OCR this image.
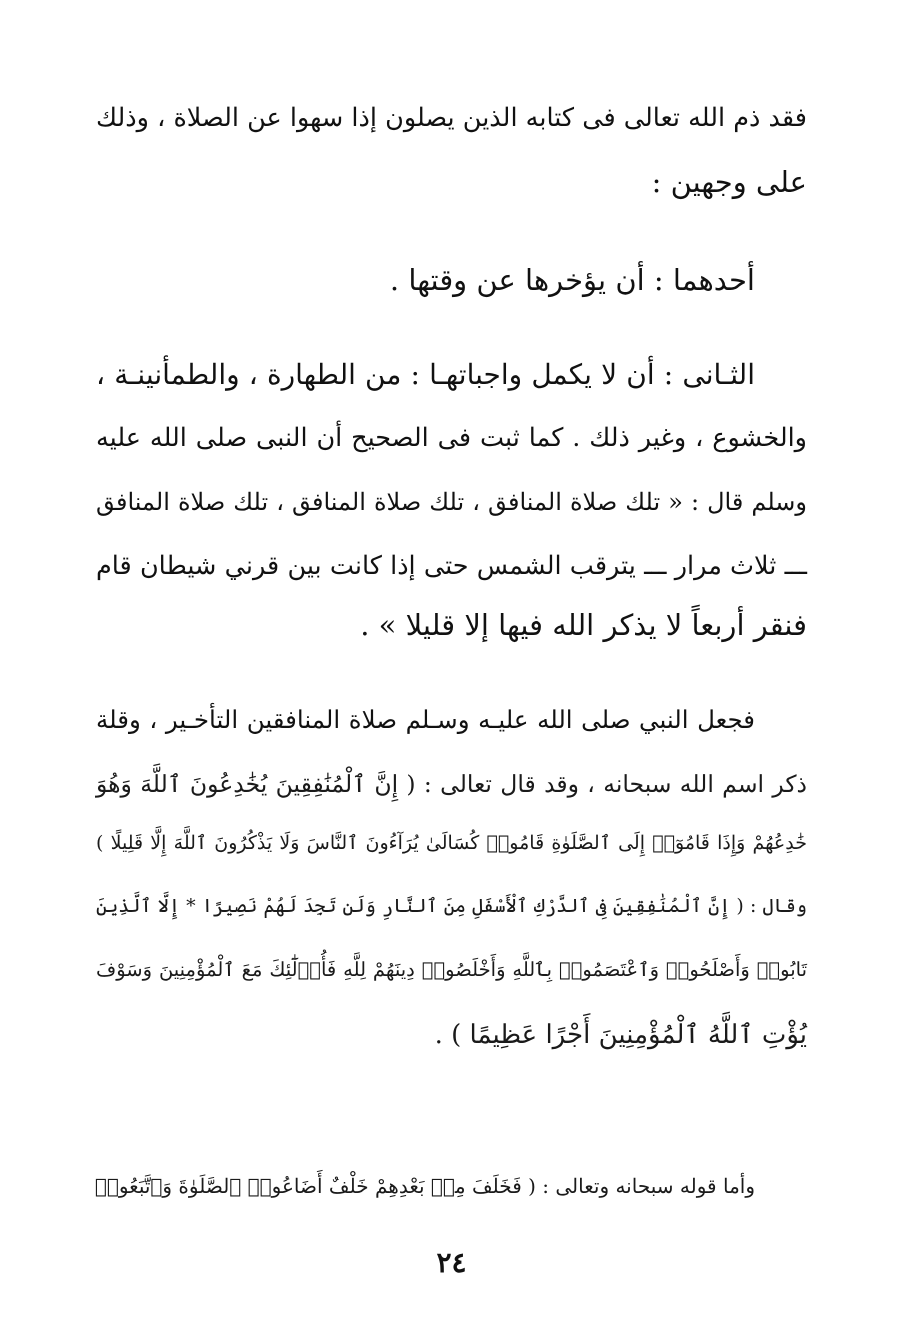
فقد ذم الله تعالى فى كتابه الذين يصلون إذا سهوا عن الصلاة ، وذلك
على وجهين :
أحدهما : أن يؤخرها عن وقتها .
الثـانى : أن لا يكمل واجباتهـا : من الطهارة ، والطمأنينـة ،
والخشوع ، وغير ذلك . كما ثبت فى الصحيح أن النبى صلى الله عليه
وسلم قال : « تلك صلاة المنافق ، تلك صلاة المنافق ، تلك صلاة المنافق
ـــ ثلاث مرار ـــ يترقب الشمس حتى إذا كانت بين قرني شيطان قام
فنقر أربعاً لا يذكر الله فيها إلا قليلا » .
فجعل النبي صلى الله عليـه وسـلم صلاة المنافقين التأخـير ، وقلة
ذكر اسم الله سبحانه ، وقد قال تعالى : ( إِنَّ ٱلْمُنَٰفِقِينَ يُخَٰدِعُونَ ٱللَّهَ وَهُوَ
خَٰدِعُهُمْ وَإِذَا قَامُوٓا۟ إِلَى ٱلصَّلَوٰةِ قَامُوا۟ كُسَالَىٰ يُرَآءُونَ ٱلنَّاسَ وَلَا يَذْكُرُونَ ٱللَّهَ إِلَّا قَلِيلًا )
وقال : ( إِنَّ ٱلْمُنَٰفِقِينَ فِى ٱلدَّرْكِ ٱلْأَسْفَلِ مِنَ ٱلنَّارِ وَلَن تَجِدَ لَهُمْ نَصِيرًا * إِلَّا ٱلَّذِينَ
تَابُوا۟ وَأَصْلَحُوا۟ وَٱعْتَصَمُوا۟ بِٱللَّهِ وَأَخْلَصُوا۟ دِينَهُمْ لِلَّهِ فَأُو۟لَٰٓئِكَ مَعَ ٱلْمُؤْمِنِينَ وَسَوْفَ
يُؤْتِ ٱللَّهُ ٱلْمُؤْمِنِينَ أَجْرًا عَظِيمًا ) .
وأما قوله سبحانه وتعالى : ( فَخَلَفَ مِنۢ بَعْدِهِمْ خَلْفٌ أَضَاعُوا۟ ٱلصَّلَوٰةَ وَٱتَّبَعُوا۟
٢٤
